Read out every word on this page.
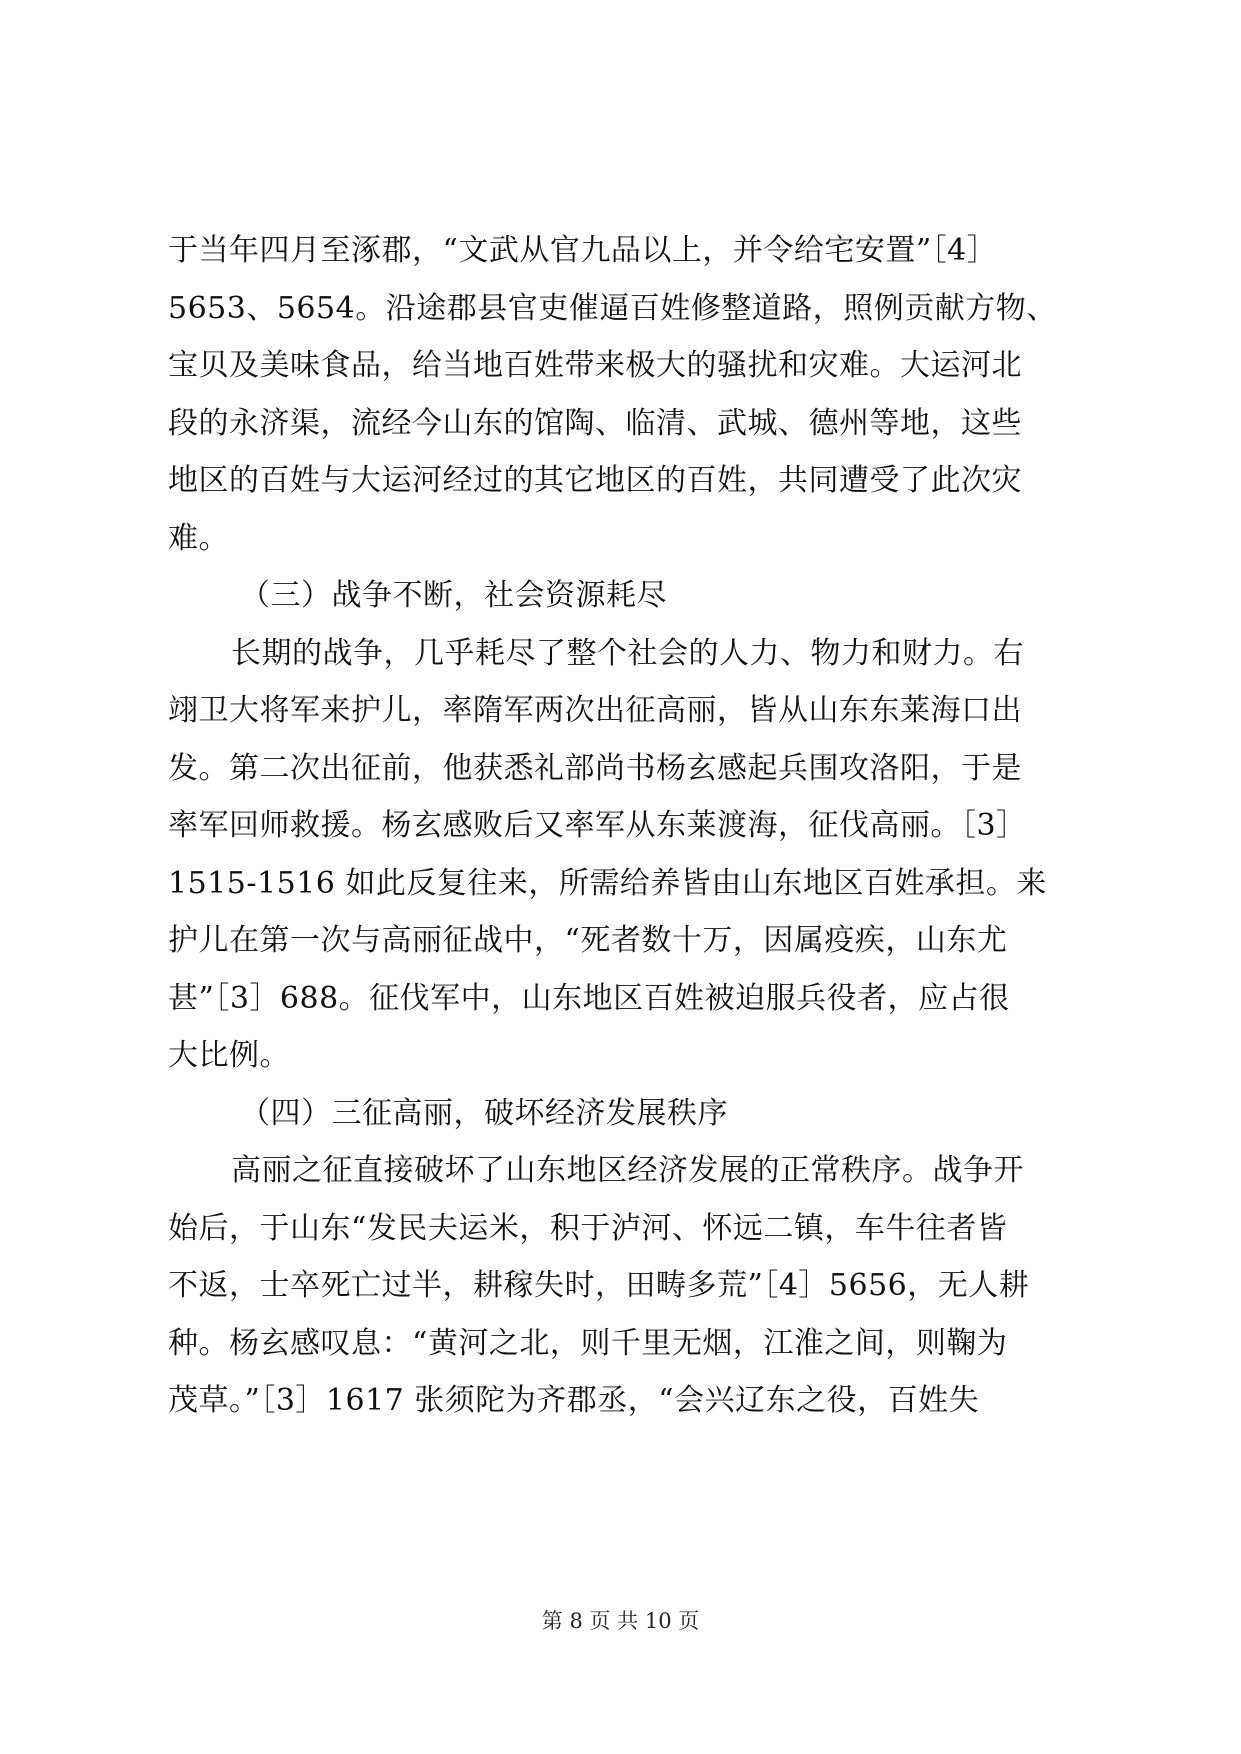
于当年四月至涿郡，“文武从官九品以上，并令给宅安置”［4］
5653、5654。沿途郡县官吏催逼百姓修整道路，照例贡献方物、
宝贝及美味食品，给当地百姓带来极大的骚扰和灾难。大运河北
段的永济渠，流经今山东的馆陶、临清、武城、德州等地，这些
地区的百姓与大运河经过的其它地区的百姓，共同遭受了此次灾
难。
（三）战争不断，社会资源耗尽
长期的战争，几乎耗尽了整个社会的人力、物力和财力。右
翊卫大将军来护儿，率隋军两次出征高丽，皆从山东东莱海口出
发。第二次出征前，他获悉礼部尚书杨玄感起兵围攻洛阳，于是
率军回师救援。杨玄感败后又率军从东莱渡海，征伐高丽。［3］
1515-1516 如此反复往来，所需给养皆由山东地区百姓承担。来
护儿在第一次与高丽征战中，“死者数十万，因属疫疾，山东尤
甚”［3］688。征伐军中，山东地区百姓被迫服兵役者，应占很
大比例。
（四）三征高丽，破坏经济发展秩序
高丽之征直接破坏了山东地区经济发展的正常秩序。战争开
始后，于山东“发民夫运米，积于泸河、怀远二镇，车牛往者皆
不返，士卒死亡过半，耕稼失时，田畴多荒”［4］5656，无人耕
种。杨玄感叹息：“黄河之北，则千里无烟，江淮之间，则鞠为
茂草。”［3］1617 张须陀为齐郡丞，“会兴辽东之役，百姓失
第 8 页 共 10 页
